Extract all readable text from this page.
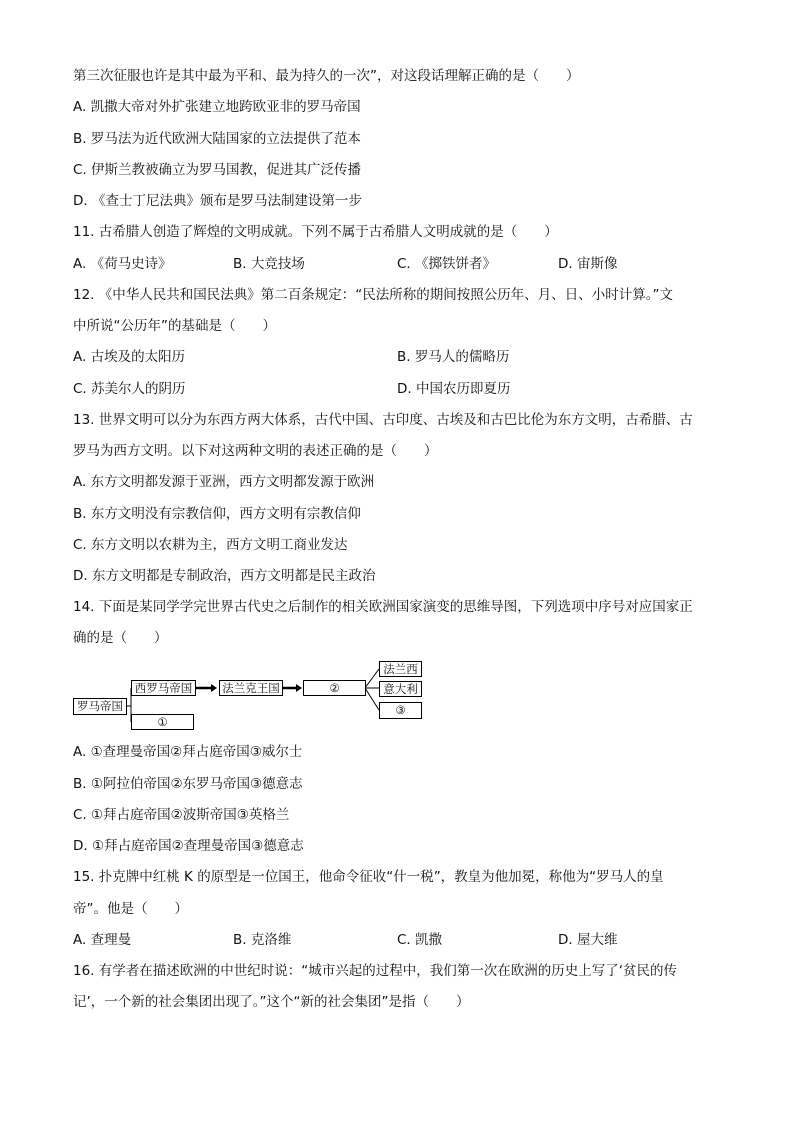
第三次征服也许是其中最为平和、最为持久的一次”，对这段话理解正确的是（　　）
A. 凯撒大帝对外扩张建立地跨欧亚非的罗马帝国
B. 罗马法为近代欧洲大陆国家的立法提供了范本
C. 伊斯兰教被确立为罗马国教，促进其广泛传播
D. 《查士丁尼法典》颁布是罗马法制建设第一步
11. 古希腊人创造了辉煌的文明成就。下列不属于古希腊人文明成就的是（　　）
A. 《荷马史诗》	B. 大竞技场	C. 《掷铁饼者》	D. 宙斯像
12. 《中华人民共和国民法典》第二百条规定：“民法所称的期间按照公历年、月、日、小时计算。”文
中所说“公历年”的基础是（　　）
A. 古埃及的太阳历	B. 罗马人的儒略历
C. 苏美尔人的阴历	D. 中国农历即夏历
13. 世界文明可以分为东西方两大体系，古代中国、古印度、古埃及和古巴比伦为东方文明，古希腊、古
罗马为西方文明。以下对这两种文明的表述正确的是（　　）
A. 东方文明都发源于亚洲，西方文明都发源于欧洲
B. 东方文明没有宗教信仰，西方文明有宗教信仰
C. 东方文明以农耕为主，西方文明工商业发达
D. 东方文明都是专制政治，西方文明都是民主政治
14. 下面是某同学学完世界古代史之后制作的相关欧洲国家演变的思维导图，下列选项中序号对应国家正
确的是（　　）
罗马帝国
西罗马帝国
①
法兰克王国	②
法兰西
意大利
③
A. ①查理曼帝国②拜占庭帝国③威尔士
B. ①阿拉伯帝国②东罗马帝国③德意志
C. ①拜占庭帝国②波斯帝国③英格兰
D. ①拜占庭帝国②查理曼帝国③德意志
15. 扑克牌中红桃 K 的原型是一位国王，他命令征收“什一税”，教皇为他加冕，称他为“罗马人的皇
帝”。他是（　　）
A. 查理曼	B. 克洛维	C. 凯撒	D. 屋大维
16. 有学者在描述欧洲的中世纪时说：“城市兴起的过程中，我们第一次在欧洲的历史上写了‘贫民的传
记’，一个新的社会集团出现了。”这个“新的社会集团”是指（　　）
